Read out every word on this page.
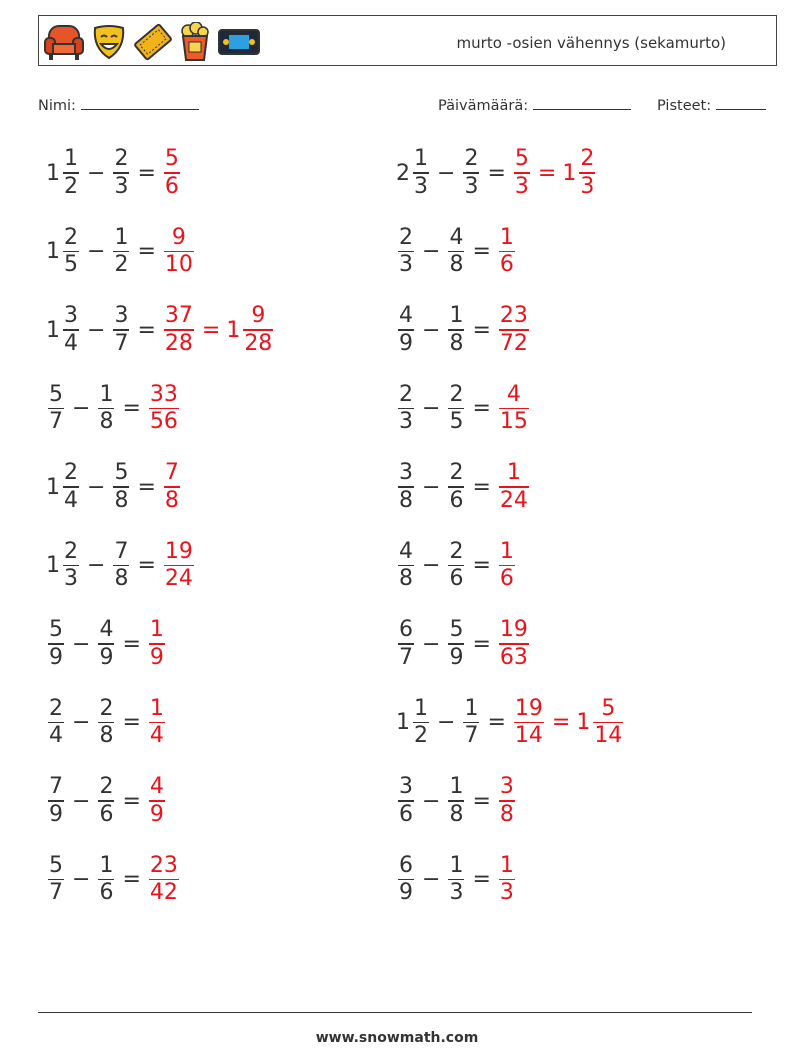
murto -osien vähennys (sekamurto)
Nimi:	Päivämäärä:	Pisteet:
$1 \frac{1}{2} - \frac{2}{3} = \frac{5}{6}$	$2 \frac{1}{3} - \frac{2}{3} = \frac{5}{3} = 1 \frac{2}{3}$
$1 \frac{2}{5} - \frac{1}{2} = \frac{9}{10}$	$\frac{2}{3} - \frac{4}{8} = \frac{1}{6}$
$1 \frac{3}{4} - \frac{3}{7} = \frac{37}{28} = 1 \frac{9}{28}$	$\frac{4}{9} - \frac{1}{8} = \frac{23}{72}$
$\frac{5}{7} - \frac{1}{8} = \frac{33}{56}$	$\frac{2}{3} - \frac{2}{5} = \frac{4}{15}$
$1 \frac{2}{4} - \frac{5}{8} = \frac{7}{8}$	$\frac{3}{8} - \frac{2}{6} = \frac{1}{24}$
$1 \frac{2}{3} - \frac{7}{8} = \frac{19}{24}$	$\frac{4}{8} - \frac{2}{6} = \frac{1}{6}$
$\frac{5}{9} - \frac{4}{9} = \frac{1}{9}$	$\frac{6}{7} - \frac{5}{9} = \frac{19}{63}$
$\frac{2}{4} - \frac{2}{8} = \frac{1}{4}$	$1 \frac{1}{2} - \frac{1}{7} = \frac{19}{14} = 1 \frac{5}{14}$
$\frac{7}{9} - \frac{2}{6} = \frac{4}{9}$	$\frac{3}{6} - \frac{1}{8} = \frac{3}{8}$
$\frac{5}{7} - \frac{1}{6} = \frac{23}{42}$	$\frac{6}{9} - \frac{1}{3} = \frac{1}{3}$
www.snowmath.com
